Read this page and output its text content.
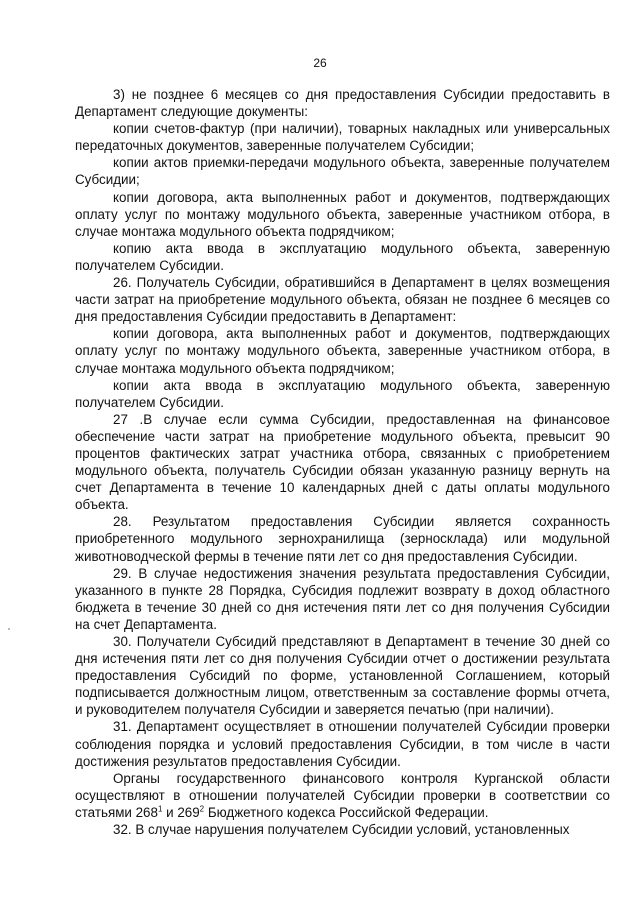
26

3) не позднее 6 месяцев со дня предоставления Субсидии предоставить в Департамент следующие документы:

копии счетов-фактур (при наличии), товарных накладных или универсальных передаточных документов, заверенные получателем Субсидии;

копии актов приемки-передачи модульного объекта, заверенные получателем Субсидии;

копии договора, акта выполненных работ и документов, подтверждающих оплату услуг по монтажу модульного объекта, заверенные участником отбора, в случае монтажа модульного объекта подрядчиком;

копию акта ввода в эксплуатацию модульного объекта, заверенную получателем Субсидии.

26. Получатель Субсидии, обратившийся в Департамент в целях возмещения части затрат на приобретение модульного объекта, обязан не позднее 6 месяцев со дня предоставления Субсидии предоставить в Департамент:

копии договора, акта выполненных работ и документов, подтверждающих оплату услуг по монтажу модульного объекта, заверенные участником отбора, в случае монтажа модульного объекта подрядчиком;

копии акта ввода в эксплуатацию модульного объекта, заверенную получателем Субсидии.

27 .В случае если сумма Субсидии, предоставленная на финансовое обеспечение части затрат на приобретение модульного объекта, превысит 90 процентов фактических затрат участника отбора, связанных с приобретением модульного объекта, получатель Субсидии обязан указанную разницу вернуть на счет Департамента в течение 10 календарных дней с даты оплаты модульного объекта.

28. Результатом предоставления Субсидии является сохранность приобретенного модульного зернохранилища (зерносклада) или модульной животноводческой фермы в течение пяти лет со дня предоставления Субсидии.

29. В случае недостижения значения результата предоставления Субсидии, указанного в пункте 28 Порядка, Субсидия подлежит возврату в доход областного бюджета в течение 30 дней со дня истечения пяти лет со дня получения Субсидии на счет Департамента.

30. Получатели Субсидий представляют в Департамент в течение 30 дней со дня истечения пяти лет со дня получения Субсидии отчет о достижении результата предоставления Субсидий по форме, установленной Соглашением, который подписывается должностным лицом, ответственным за составление формы отчета, и руководителем получателя Субсидии и заверяется печатью (при наличии).

31. Департамент осуществляет в отношении получателей Субсидии проверки соблюдения порядка и условий предоставления Субсидии, в том числе в части достижения результатов предоставления Субсидии.

Органы государственного финансового контроля Курганской области осуществляют в отношении получателей Субсидии проверки в соответствии со статьями $268^1$ и $269^2$ Бюджетного кодекса Российской Федерации.

32. В случае нарушения получателем Субсидии условий, установленных
